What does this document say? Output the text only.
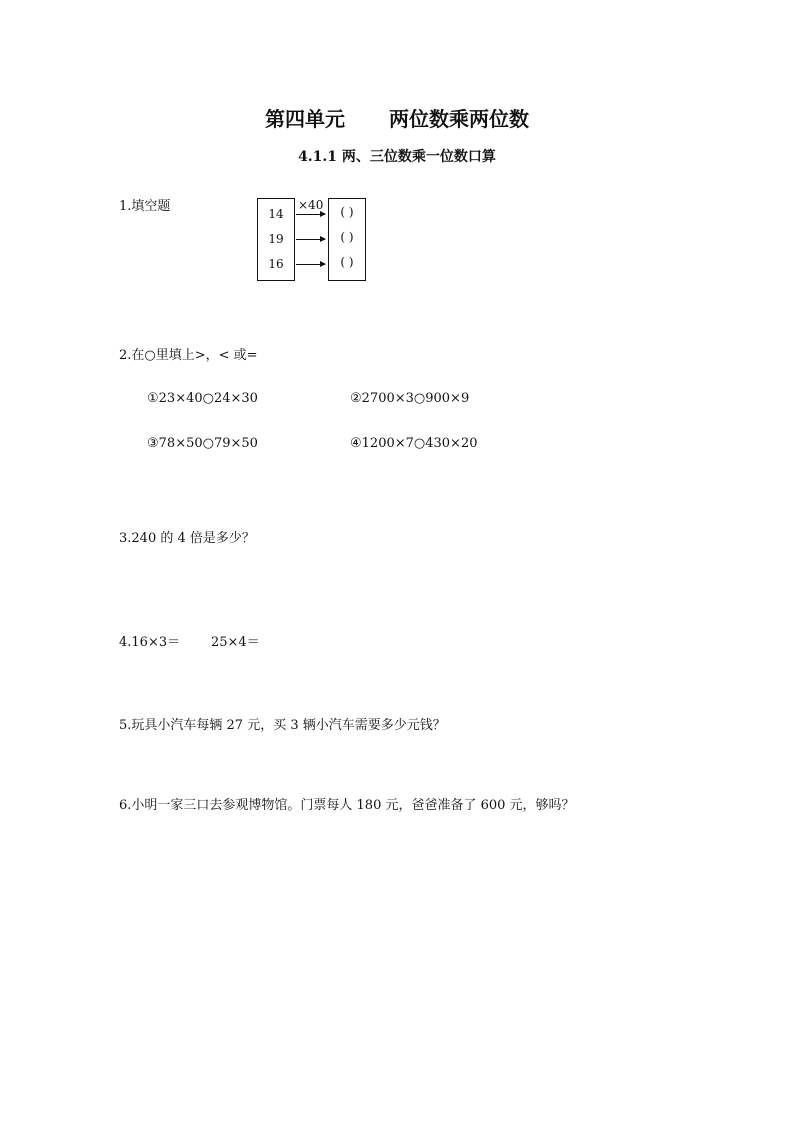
第四单元 两位数乘两位数
4.1.1 两、三位数乘一位数口算
1.填空题	14
19
16
×40	( )
( )
( )
2.在○里填上>，< 或=
①23×40○24×30	②2700×3○900×9
③78×50○79×50	④1200×7○430×20
3.240 的 4 倍是多少？
4.16×3＝ 25×4＝
5.玩具小汽车每辆 27 元，买 3 辆小汽车需要多少元钱？
6.小明一家三口去参观博物馆。门票每人 180 元，爸爸准备了 600 元，够吗？
